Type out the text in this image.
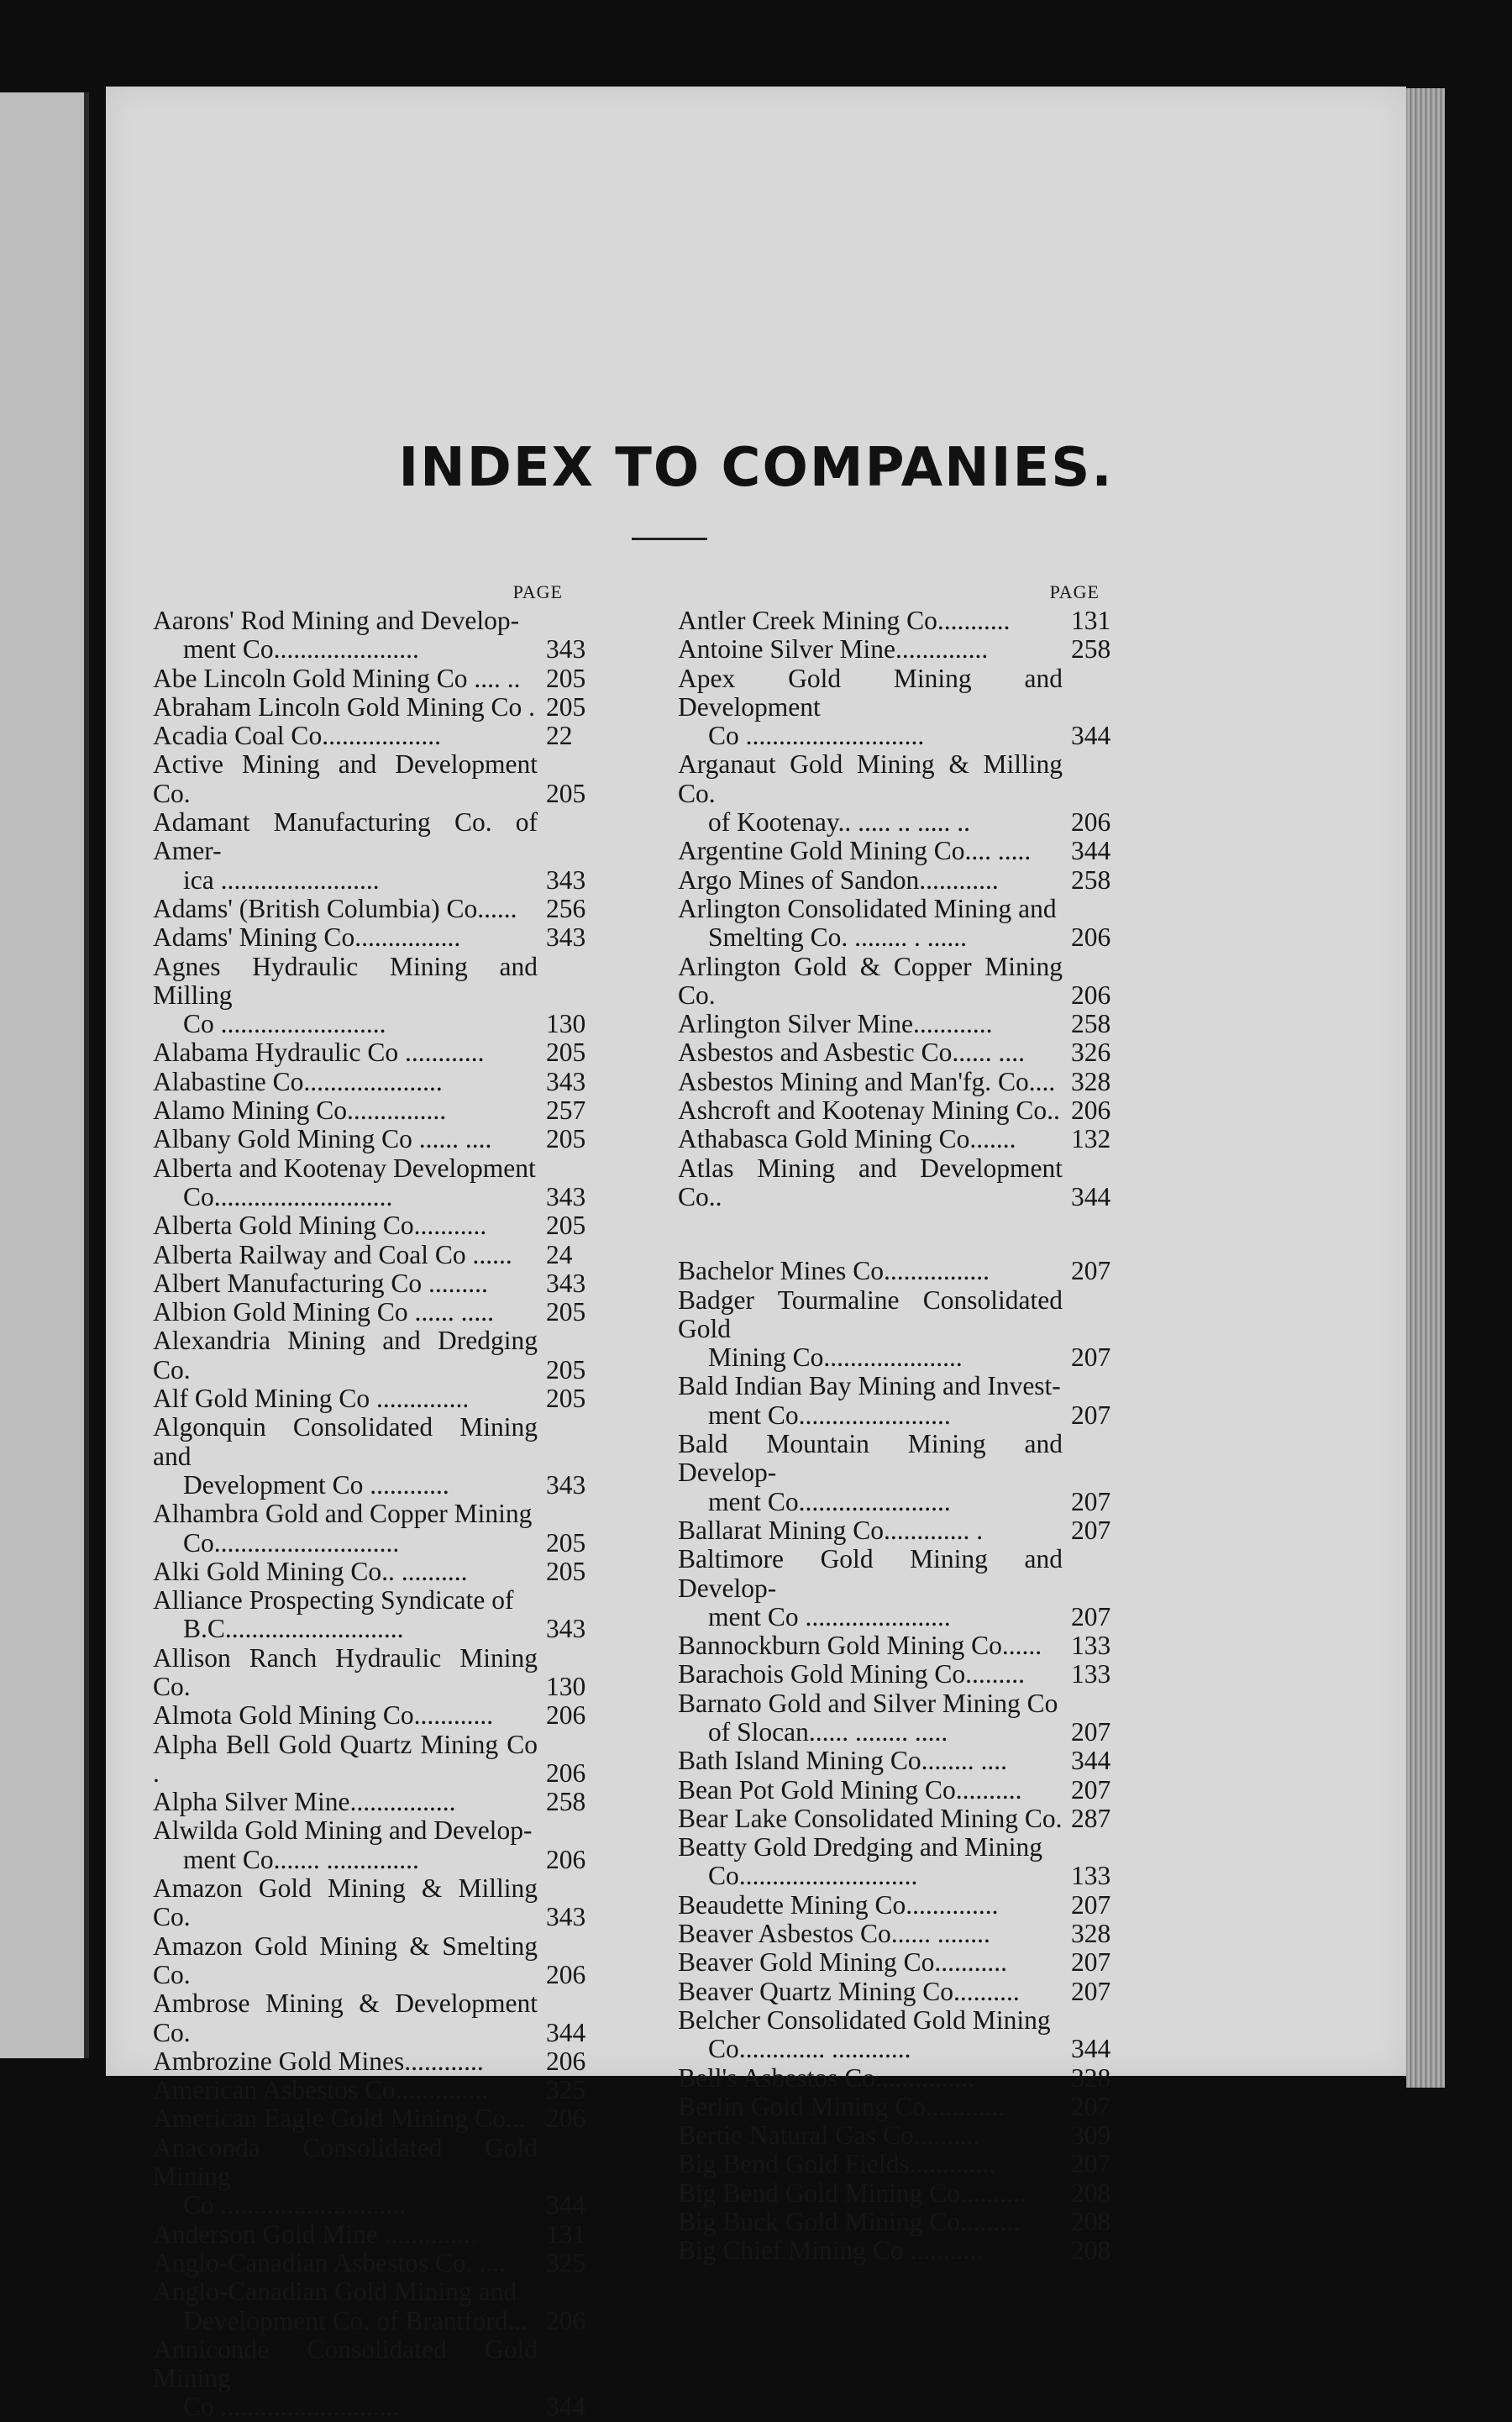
INDEX TO COMPANIES.
PAGE
Aarons' Rod Mining and Develop-
ment Co......................	343
Abe Lincoln Gold Mining Co .... .. 205
Abraham Lincoln Gold Mining Co . 205
Acadia Coal Co..................	22
Active Mining and Development Co.	205
Adamant Manufacturing Co. of Amer-
ica ........................	343
Adams' (British Columbia) Co......	256
Adams' Mining Co................	343
Agnes Hydraulic Mining and Milling
Co .........................	130
Alabama Hydraulic Co ............	205
Alabastine Co.....................	343
Alamo Mining Co...............	257
Albany Gold Mining Co ...... ....	205
Alberta and Kootenay Development
Co...........................	343
Alberta Gold Mining Co...........	205
Alberta Railway and Coal Co ......	24
Albert Manufacturing Co .........	343
Albion Gold Mining Co ...... .....	205
Alexandria Mining and Dredging Co.	205
Alf Gold Mining Co ..............	205
Algonquin Consolidated Mining and
Development Co ............	343
Alhambra Gold and Copper Mining
Co............................	205
Alki Gold Mining Co.. ..........	205
Alliance Prospecting Syndicate of
B.C...........................	343
Allison Ranch Hydraulic Mining Co.	130
Almota Gold Mining Co............	206
Alpha Bell Gold Quartz Mining Co .	206
Alpha Silver Mine................	258
Alwilda Gold Mining and Develop-
ment Co....... ..............	206
Amazon Gold Mining & Milling Co.	343
Amazon Gold Mining & Smelting Co.	206
Ambrose Mining & Development Co.	344
Ambrozine Gold Mines............	206
American Asbestos Co..............	325
American Eagle Gold Mining Co... 206
Anaconda Consolidated Gold Mining
Co ............................	344
Anderson Gold Mine ..............	131
Anglo-Canadian Asbestos Co. ....	325
Anglo-Canadian Gold Mining and
Development Co. of Brantford... 206
Anniconde Consolidated Gold Mining
Co ...........................	344
PAGE
Antler Creek Mining Co...........	131
Antoine Silver Mine..............	258
Apex Gold Mining and Development
Co ...........................	344
Arganaut Gold Mining & Milling Co.
of Kootenay.. ..... .. ..... ..	206
Argentine Gold Mining Co.... .....	344
Argo Mines of Sandon............	258
Arlington Consolidated Mining and
Smelting Co. ........ . ......	206
Arlington Gold & Copper Mining Co.	206
Arlington Silver Mine............	258
Asbestos and Asbestic Co...... ....	326
Asbestos Mining and Man'fg. Co.... 328
Ashcroft and Kootenay Mining Co.. 206
Athabasca Gold Mining Co.......	132
Atlas Mining and Development Co..	344
Bachelor Mines Co................	207
Badger Tourmaline Consolidated Gold
Mining Co.....................	207
Bald Indian Bay Mining and Invest-
ment Co.......................	207
Bald Mountain Mining and Develop-
ment Co.......................	207
Ballarat Mining Co............. .	207
Baltimore Gold Mining and Develop-
ment Co ......................	207
Bannockburn Gold Mining Co......	133
Barachois Gold Mining Co.........	133
Barnato Gold and Silver Mining Co
of Slocan...... ........ .....	207
Bath Island Mining Co........ ....	344
Bean Pot Gold Mining Co..........	207
Bear Lake Consolidated Mining Co. 287
Beatty Gold Dredging and Mining
Co...........................	133
Beaudette Mining Co..............	207
Beaver Asbestos Co...... ........	328
Beaver Gold Mining Co...........	207
Beaver Quartz Mining Co..........	207
Belcher Consolidated Gold Mining
Co............. ............	344
Bell's Asbestos Co...............	328
Berlin Gold Mining Co............	207
Bertie Natural Gas Co..........	309
Big Bend Gold Fields.............	207
Big Bend Gold Mining Co..........	208
Big Buck Gold Mining Co.........	208
Big Chief Mining Co ...........	208
